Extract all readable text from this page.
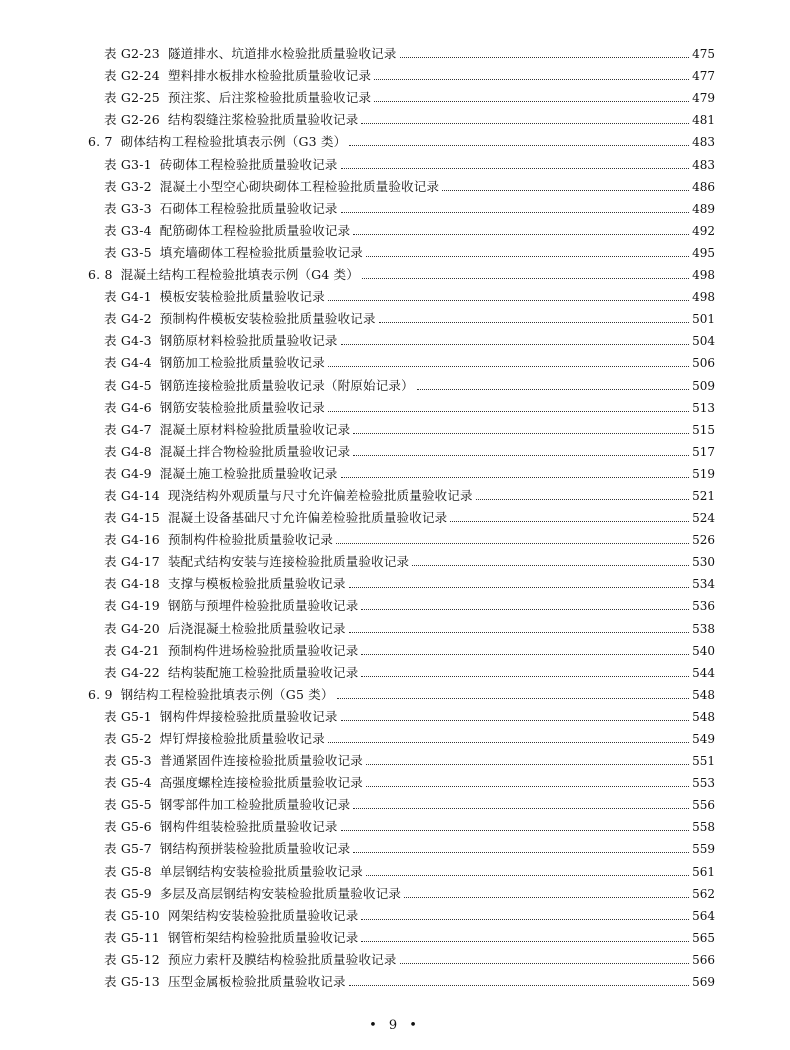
表 G2-23 隧道排水、坑道排水检验批质量验收记录	475
表 G2-24 塑料排水板排水检验批质量验收记录	477
表 G2-25 预注浆、后注浆检验批质量验收记录	479
表 G2-26 结构裂缝注浆检验批质量验收记录	481
6. 7 砌体结构工程检验批填表示例（G3 类）	483
表 G3-1 砖砌体工程检验批质量验收记录	483
表 G3-2 混凝土小型空心砌块砌体工程检验批质量验收记录	486
表 G3-3 石砌体工程检验批质量验收记录	489
表 G3-4 配筋砌体工程检验批质量验收记录	492
表 G3-5 填充墙砌体工程检验批质量验收记录	495
6. 8 混凝土结构工程检验批填表示例（G4 类）	498
表 G4-1 模板安装检验批质量验收记录	498
表 G4-2 预制构件模板安装检验批质量验收记录	501
表 G4-3 钢筋原材料检验批质量验收记录	504
表 G4-4 钢筋加工检验批质量验收记录	506
表 G4-5 钢筋连接检验批质量验收记录（附原始记录）	509
表 G4-6 钢筋安装检验批质量验收记录	513
表 G4-7 混凝土原材料检验批质量验收记录	515
表 G4-8 混凝土拌合物检验批质量验收记录	517
表 G4-9 混凝土施工检验批质量验收记录	519
表 G4-14 现浇结构外观质量与尺寸允许偏差检验批质量验收记录	521
表 G4-15 混凝土设备基础尺寸允许偏差检验批质量验收记录	524
表 G4-16 预制构件检验批质量验收记录	526
表 G4-17 装配式结构安装与连接检验批质量验收记录	530
表 G4-18 支撑与模板检验批质量验收记录	534
表 G4-19 钢筋与预埋件检验批质量验收记录	536
表 G4-20 后浇混凝土检验批质量验收记录	538
表 G4-21 预制构件进场检验批质量验收记录	540
表 G4-22 结构装配施工检验批质量验收记录	544
6. 9 钢结构工程检验批填表示例（G5 类）	548
表 G5-1 钢构件焊接检验批质量验收记录	548
表 G5-2 焊钉焊接检验批质量验收记录	549
表 G5-3 普通紧固件连接检验批质量验收记录	551
表 G5-4 高强度螺栓连接检验批质量验收记录	553
表 G5-5 钢零部件加工检验批质量验收记录	556
表 G5-6 钢构件组装检验批质量验收记录	558
表 G5-7 钢结构预拼装检验批质量验收记录	559
表 G5-8 单层钢结构安装检验批质量验收记录	561
表 G5-9 多层及高层钢结构安装检验批质量验收记录	562
表 G5-10 网架结构安装检验批质量验收记录	564
表 G5-11 钢管桁架结构检验批质量验收记录	565
表 G5-12 预应力索杆及膜结构检验批质量验收记录	566
表 G5-13 压型金属板检验批质量验收记录	569
• 9 •
